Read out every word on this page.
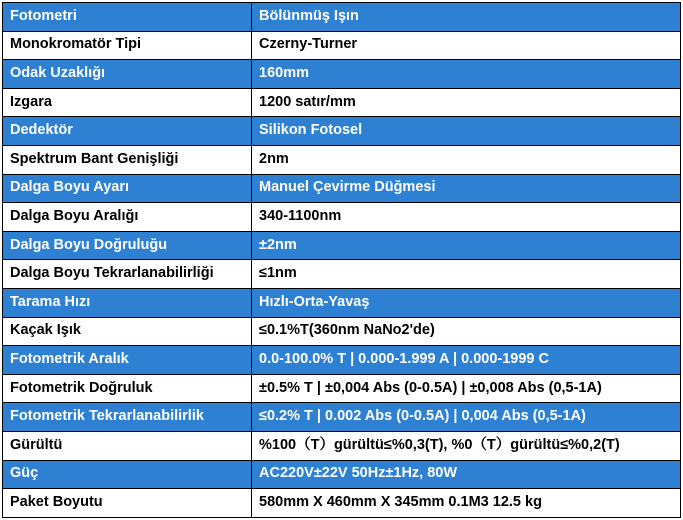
Fotometri	Bölünmüş Işın
Monokromatör Tipi	Czerny-Turner
Odak Uzaklığı	160mm
Izgara	1200 satır/mm
Dedektör	Silikon Fotosel
Spektrum Bant Genişliği	2nm
Dalga Boyu Ayarı	Manuel Çevirme Düğmesi
Dalga Boyu Aralığı	340-1100nm
Dalga Boyu Doğruluğu	±2nm
Dalga Boyu Tekrarlanabilirliği	≤1nm
Tarama Hızı	Hızlı-Orta-Yavaş
Kaçak Işık	≤0.1%T(360nm NaNo2'de)
Fotometrik Aralık	0.0-100.0% T | 0.000-1.999 A | 0.000-1999 C
Fotometrik Doğruluk	±0.5% T | ±0,004 Abs (0-0.5A) | ±0,008 Abs (0,5-1A)
Fotometrik Tekrarlanabilirlik	≤0.2% T | 0.002 Abs (0-0.5A) | 0,004 Abs (0,5-1A)
Gürültü	%100（T）gürültü≤%0,3(T), %0（T）gürültü≤%0,2(T)
Güç	AC220V±22V 50Hz±1Hz, 80W
Paket Boyutu	580mm X 460mm X 345mm 0.1M3 12.5 kg
